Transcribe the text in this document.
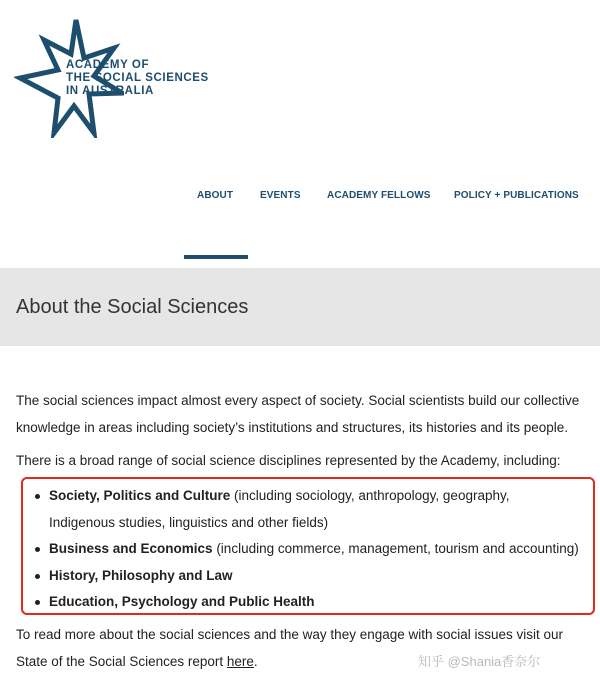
ACADEMY OF
THE SOCIAL SCIENCES
IN AUSTRALIA
ABOUT	EVENTS	ACADEMY FELLOWS POLICY + PUBLICATIONS
About the Social Sciences
The social sciences impact almost every aspect of society. Social scientists build our collective
knowledge in areas including society’s institutions and structures, its histories and its people.
There is a broad range of social science disciplines represented by the Academy, including:
Society, Politics and Culture (including sociology, anthropology, geography,
Indigenous studies, linguistics and other fields)
Business and Economics (including commerce, management, tourism and accounting)
History, Philosophy and Law
Education, Psychology and Public Health
To read more about the social sciences and the way they engage with social issues visit our
State of the Social Sciences report here.	知乎 @Shania香奈尔
